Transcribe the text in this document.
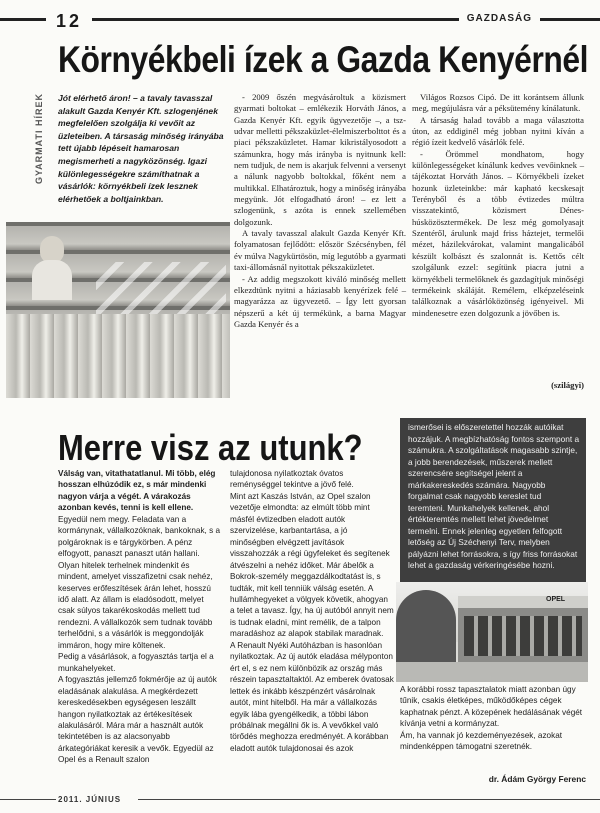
12	GAZDASÁG
Környékbeli ízek a Gazda Kenyérnél
GYARMATI HÍREK Jót elérhető áron! – a tavaly tavasszal alakult Gazda Kenyér Kft. szlogenjének megfelelően szolgálja ki vevőit az üzleteiben. A társaság minőség irányába tett újabb lépéseit hamarosan megismerheti a nagyközönség. Igazi különlegességekre számíthatnak a vásárlók: környékbeli ízek lesznek elérhetőek a boltjainkban.

- 2009 őszén megvásároltuk a közismert gyarmati boltokat – emlékezik Horváth János, a Gazda Kenyér Kft. egyik ügyvezetője –, a tsz-udvar melletti pékszaküzlet-élelmiszerbolttot és a piaci pékszaküzletet. Hamar kikristályosodott a számunkra, hogy más irányba is nyitnunk kell: nem tudjuk, de nem is akarjuk felvenni a versenyt a nálunk nagyobb boltokkal, főként nem a multikkal. Elhatároztuk, hogy a minőség irányába megyünk. Jót elfogadható áron! – ez lett a szlogenünk, s azóta is ennek szellemében dolgozunk.

A tavaly tavasszal alakult Gazda Kenyér Kft. folyamatosan fejlődött: először Szécsényben, fél év múlva Nagykürtösön, míg legutóbb a gyarmati taxi-állomásnál nyitottak pékszaküzletet.

- Az addig megszokott kiváló minőség mellett elkezdtünk nyitni a háziasabb kenyérízek felé – magyarázza az ügyvezető. – Így lett gyorsan népszerű a két új termékünk, a barna Magyar Gazda Kenyér és a

Világos Rozsos Cipó. De itt korántsem állunk meg, megújulásra vár a péksütemény kínálatunk.

A társaság halad tovább a maga választotta úton, az eddiginél még jobban nyitni kíván a régió ízeit kedvelő vásárlók felé.

- Örömmel mondhatom, hogy különlegességeket kínálunk kedves vevőinknek – tájékoztat Horváth János. – Környékbeli ízeket hozunk üzleteinkbe: már kapható kecskesajt Terényből és a több évtizedes múltra visszatekintő, közismert Dénes-húsközösztermékek. De lesz még gomolyasajt Szentéről, árulunk majd friss háztejet, termelői mézet, házilekvárokat, valamint mangalicából készült kolbászt és szalonnát is. Kettős célt szolgálunk ezzel: segítünk piacra jutni a környékbeli termelőknek és gazdagítjuk minőségi termékeink skáláját. Remélem, elképzeléseink találkoznak a vásárlóközönség igényeivel. Mi mindenesetre ezen dolgozunk a jövőben is.

(szilágyi)
Merre visz az utunk?	ismerősei is előszeretettel hozzák autóikat hozzájuk. A megbízhatóság fontos szempont a számukra. A szolgáltatások magasabb szintje, a jobb berendezések, műszerek mellett szerencsére segítségel jelent a márkakereskedés számára. Nagyobb forgalmat csak nagyobb kereslet tud teremteni. Munkahelyek kellenek, ahol értékteremtés mellett lehet jövedelmet termelni. Ennek jelenleg egyetlen felfogott letőség az Új Széchenyi Terv, melyben pályázni lehet forrásokra, s így friss forrásokat lehet a gazdaság vérkeringésébe hozni.
OPEL

Válság van, vitathatatlanul. Mi több, elég hosszan elhúzódik ez, s már mindenki nagyon várja a végét. A várakozás azonban kevés, tenni is kell ellene.

Egyedül nem megy. Feladata van a kormánynak, vállalkozóknak, bankoknak, s a polgároknak is e tárgykörben. A pénz elfogyott, panaszt panaszt után hallani. Olyan hitelek terhelnek mindenkit és mindent, amelyet visszafizetni csak nehéz, keserves erőfeszítések árán lehet, hosszú idő alatt. Az állam is eladósodott, melyet csak súlyos takarékoskodás mellett tud rendezni. A vállalkozók sem tudnak tovább terhelődni, s a vásárlók is meggondolják immáron, hogy mire költenek.

Pedig a vásárlások, a fogyasztás tartja el a munkahelyeket.

A fogyasztás jellemző fokmérője az új autók eladásának alakulása. A megkérdezett kereskedésekben egységesen leszállt hangon nyilatkoztak az értékesítések alakulásáról. Mára már a használt autók tekintetében is az alacsonyabb árkategóriákat keresik a vevők. Egyedül az Opel és a Renault szalon

tulajdonosa nyilatkoztak óvatos reménységgel tekintve a jövő felé.

Mint azt Kaszás István, az Opel szalon vezetője elmondta: az elmúlt több mint másfél évtizedben eladott autók szervizelése, karbantartása, a jó minőségben elvégzett javítások visszahozzák a régi ügyfeleket és segítenek átvészelni a nehéz időket. Már ábelők a Bokrok-személy meggazdálkodtatást is, s tudták, mit kell tenniük válság esetén. A hullámhegyeket a völgyek követik, ahogyan a telet a tavasz. Így, ha új autóból annyit nem is tudnak eladni, mint remélik, de a talpon maradáshoz az alapok stabilak maradnak.

A Renault Nyéki Autóházban is hasonlóan nyilatkoztak. Az új autók eladása mélyponton ért el, s ez nem különbözik az ország más részein tapasztaltaktól. Az emberek óvatosak lettek és inkább készpénzért vásárolnak autót, mint hitelből. Ha már a vállalkozás egyik lába gyengélkedik, a többi lábon próbálnak megállni ők is. A vevőkkel való törődés meghozza eredményét. A korábban eladott autók tulajdonosai és azok

A korábbi rossz tapasztalatok miatt azonban úgy tűnik, csakis életképes, működőképes cégek kaphatnak pénzt. A közepének hedálásának végét kívánja vetni a kormányzat.

Ám, ha vannak jó kezdeményezések, azokat mindenképpen támogatni szeretnék.

dr. Ádám György Ferenc
2011. JÚNIUS
